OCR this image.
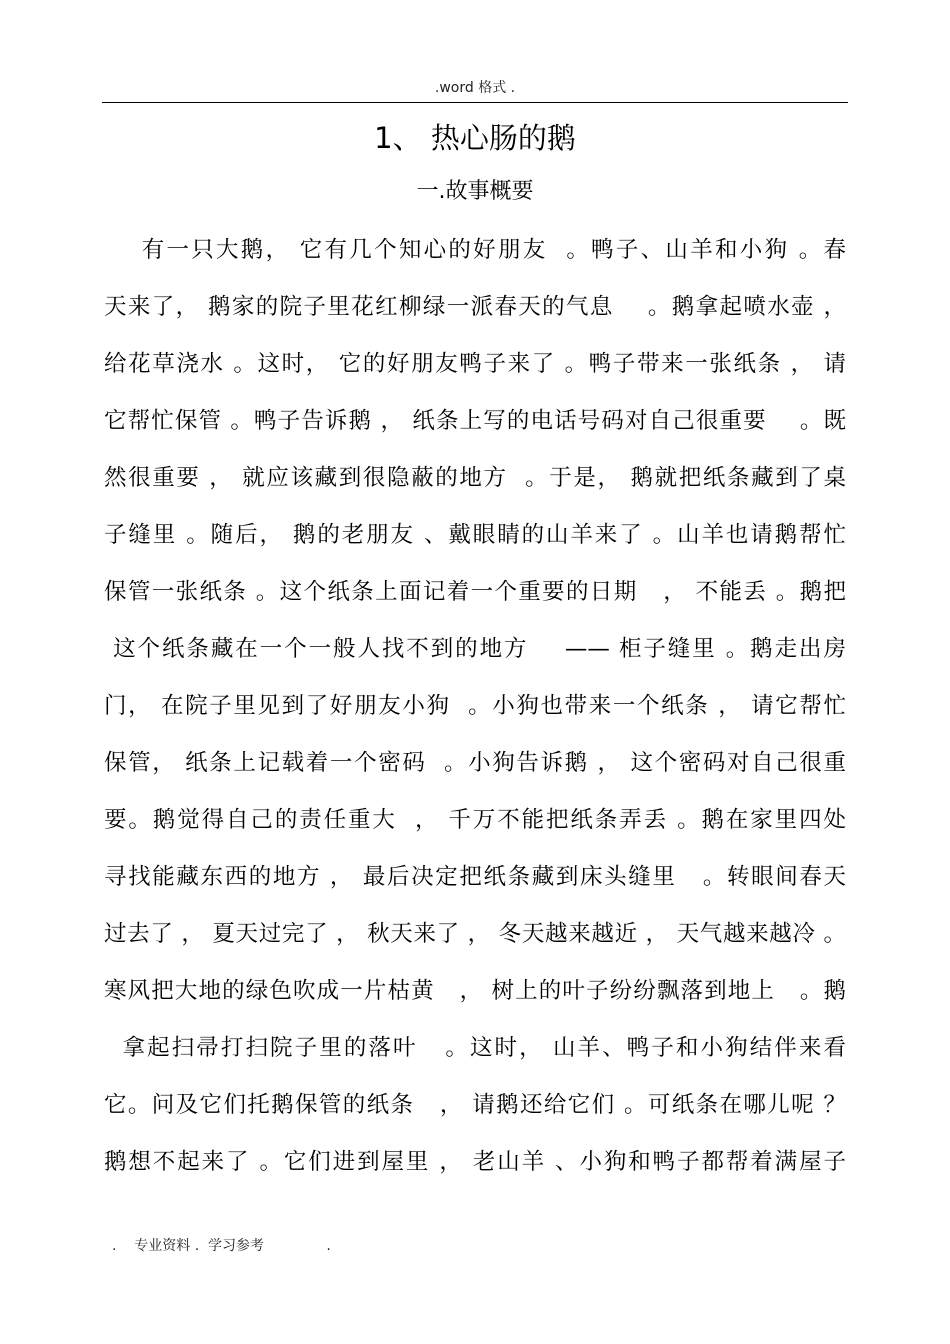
.word 格式 .
1、 热心肠的鹅
一.故事概要
有一只大鹅， 它有几个知心的好朋友  。鸭子、山羊和小狗 。春
天来了， 鹅家的院子里花红柳绿一派春天的气息    。鹅拿起喷水壶 ，
给花草浇水 。这时， 它的好朋友鸭子来了 。鸭子带来一张纸条 ， 请
它帮忙保管 。鸭子告诉鹅 ， 纸条上写的电话号码对自己很重要    。既
然很重要 ， 就应该藏到很隐蔽的地方  。于是， 鹅就把纸条藏到了桌
子缝里 。随后， 鹅的老朋友 、戴眼睛的山羊来了 。山羊也请鹅帮忙
保管一张纸条 。这个纸条上面记着一个重要的日期   ， 不能丢 。鹅把
这个纸条藏在一个一般人找不到的地方    —— 柜子缝里 。鹅走出房
门， 在院子里见到了好朋友小狗  。小狗也带来一个纸条 ， 请它帮忙
保管， 纸条上记载着一个密码  。小狗告诉鹅 ， 这个密码对自己很重
要。鹅觉得自己的责任重大  ， 千万不能把纸条弄丢 。鹅在家里四处
寻找能藏东西的地方 ， 最后决定把纸条藏到床头缝里   。转眼间春天
过去了 ， 夏天过完了 ， 秋天来了 ， 冬天越来越近 ， 天气越来越冷 。
寒风把大地的绿色吹成一片枯黄   ， 树上的叶子纷纷飘落到地上   。鹅
拿起扫帚打扫院子里的落叶   。这时， 山羊、鸭子和小狗结伴来看
它。问及它们托鹅保管的纸条   ， 请鹅还给它们 。可纸条在哪儿呢 ？
鹅想不起来了 。它们进到屋里 ， 老山羊 、小狗和鸭子都帮着满屋子
.    专业资料 .  学习参考              .
